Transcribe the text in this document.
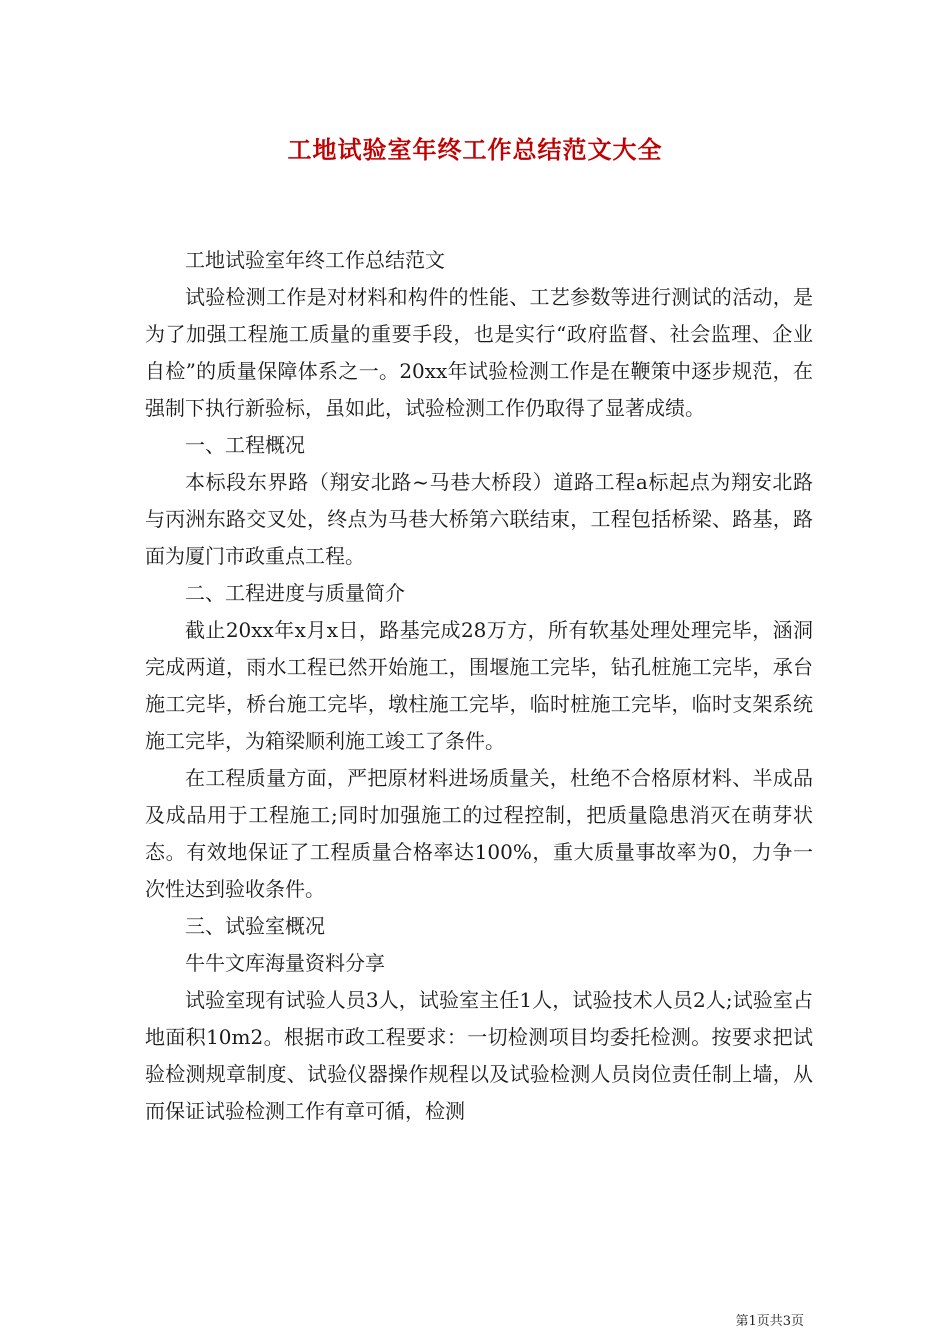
工地试验室年终工作总结范文大全

工地试验室年终工作总结范文

试验检测工作是对材料和构件的性能、工艺参数等进行测试的活动，是为了加强工程施工质量的重要手段，也是实行“政府监督、社会监理、企业自检”的质量保障体系之一。20xx年试验检测工作是在鞭策中逐步规范，在强制下执行新验标，虽如此，试验检测工作仍取得了显著成绩。

一、工程概况

本标段东界路（翔安北路~马巷大桥段）道路工程a标起点为翔安北路与丙洲东路交叉处，终点为马巷大桥第六联结束，工程包括桥梁、路基，路面为厦门市政重点工程。

二、工程进度与质量简介

截止20xx年x月x日，路基完成28万方，所有软基处理处理完毕，涵洞完成两道，雨水工程已然开始施工，围堰施工完毕，钻孔桩施工完毕，承台施工完毕，桥台施工完毕，墩柱施工完毕，临时桩施工完毕，临时支架系统施工完毕，为箱梁顺利施工竣工了条件。

在工程质量方面，严把原材料进场质量关，杜绝不合格原材料、半成品及成品用于工程施工;同时加强施工的过程控制，把质量隐患消灭在萌芽状态。有效地保证了工程质量合格率达100%，重大质量事故率为0，力争一次性达到验收条件。

三、试验室概况

牛牛文库海量资料分享

试验室现有试验人员3人，试验室主任1人，试验技术人员2人;试验室占地面积10m2。根据市政工程要求：一切检测项目均委托检测。按要求把试验检测规章制度、试验仪器操作规程以及试验检测人员岗位责任制上墙，从而保证试验检测工作有章可循，检测

第1页共3页
